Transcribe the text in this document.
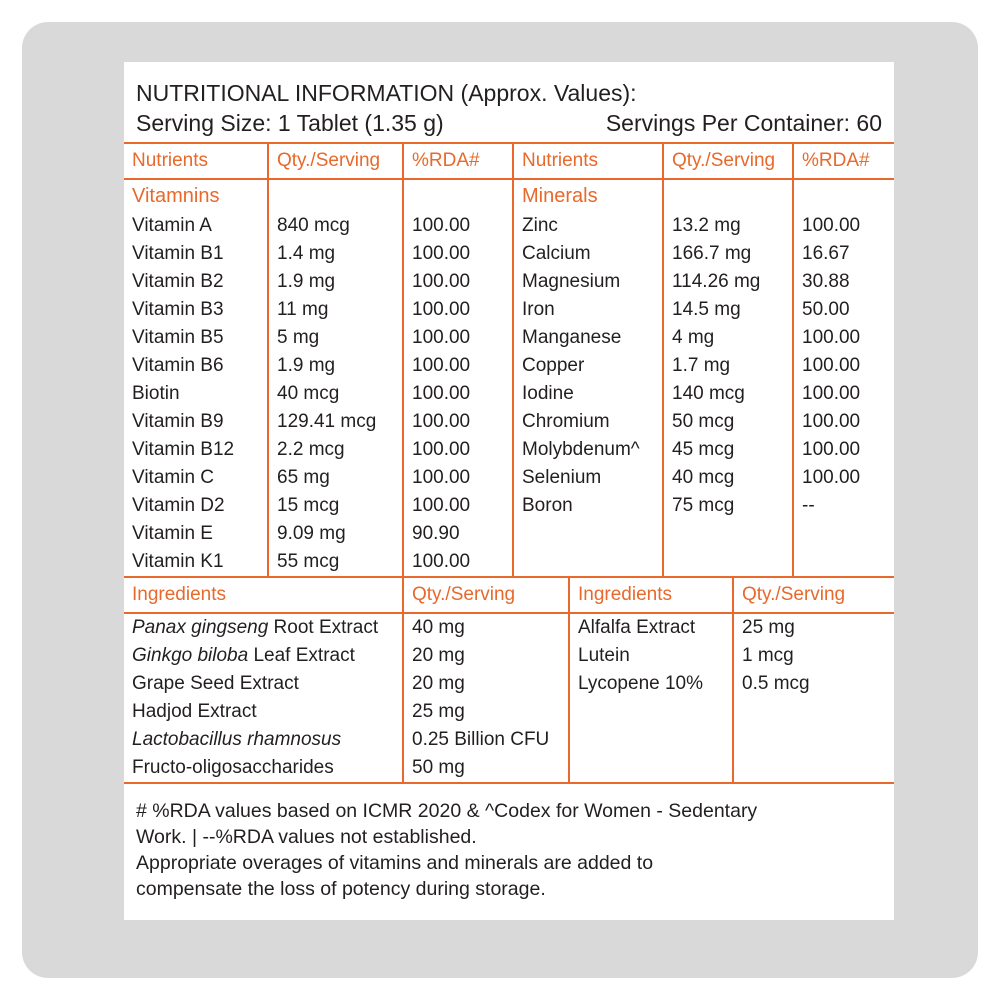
NUTRITIONAL INFORMATION (Approx. Values):
Serving Size: 1 Tablet (1.35 g)	Servings Per Container: 60
Nutrients	Qty./Serving	%RDA#	Nutrients	Qty./Serving	%RDA#
Vitamnins			Minerals		
Vitamin A	840 mcg	100.00	Zinc	13.2 mg	100.00
Vitamin B1	1.4 mg	100.00	Calcium	166.7 mg	16.67
Vitamin B2	1.9 mg	100.00	Magnesium	114.26 mg	30.88
Vitamin B3	11 mg	100.00	Iron	14.5 mg	50.00
Vitamin B5	5 mg	100.00	Manganese	4 mg	100.00
Vitamin B6	1.9 mg	100.00	Copper	1.7 mg	100.00
Biotin	40 mcg	100.00	Iodine	140 mcg	100.00
Vitamin B9	129.41 mcg	100.00	Chromium	50 mcg	100.00
Vitamin B12	2.2 mcg	100.00	Molybdenum^	45 mcg	100.00
Vitamin C	65 mg	100.00	Selenium	40 mcg	100.00
Vitamin D2	15 mcg	100.00	Boron	75 mcg	--
Vitamin E	9.09 mg	90.90			
Vitamin K1	55 mcg	100.00			
Ingredients	Qty./Serving	Ingredients	Qty./Serving
Panax gingseng Root Extract	40 mg	Alfalfa Extract	25 mg
Ginkgo biloba Leaf Extract	20 mg	Lutein	1 mcg
Grape Seed Extract	20 mg	Lycopene 10%	0.5 mcg
Hadjod Extract	25 mg		
Lactobacillus rhamnosus	0.25 Billion CFU		
Fructo-oligosaccharides	50 mg		

# %RDA values based on ICMR 2020 & ^Codex for Women - Sedentary

Work. | --%RDA values not established.

Appropriate overages of vitamins and minerals are added to

compensate the loss of potency during storage.
